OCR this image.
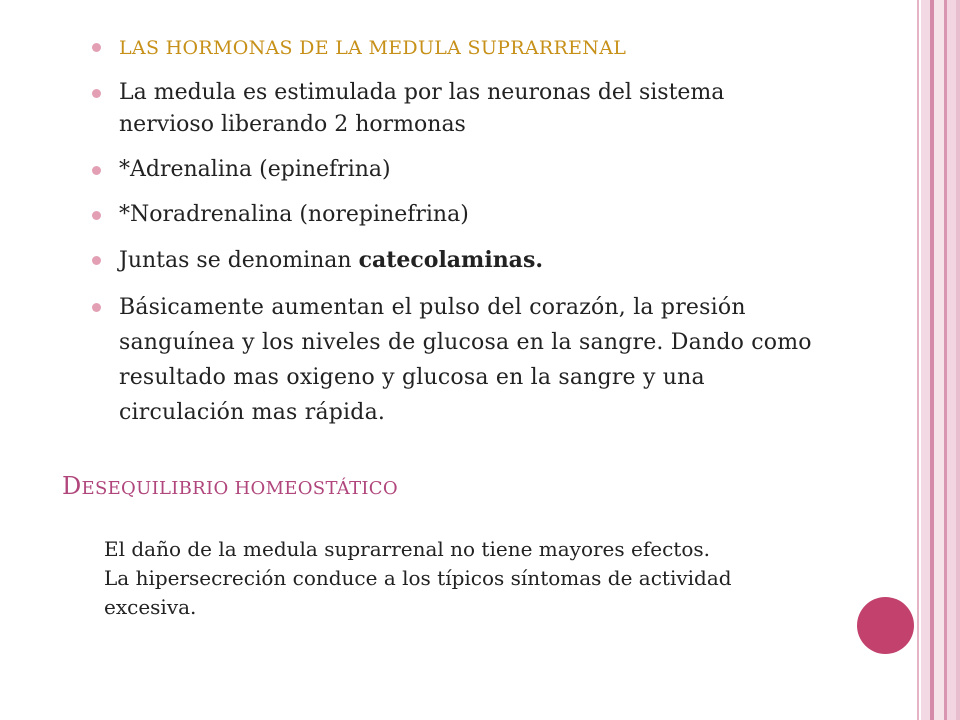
LAS HORMONAS DE LA MEDULA SUPRARRENAL
La medula es estimulada por las neuronas del sistema nervioso liberando 2 hormonas
*Adrenalina (epinefrina)
*Noradrenalina (norepinefrina)
Juntas se denominan catecolaminas.
Básicamente aumentan el pulso del corazón, la presión sanguínea y los niveles de glucosa en la sangre. Dando como resultado mas oxigeno y glucosa en la sangre y una circulación mas rápida.
DESEQUILIBRIO HOMEOSTÁTICO

El daño de la medula suprarrenal no tiene mayores efectos.

La hipersecreción conduce a los típicos síntomas de actividad excesiva.
